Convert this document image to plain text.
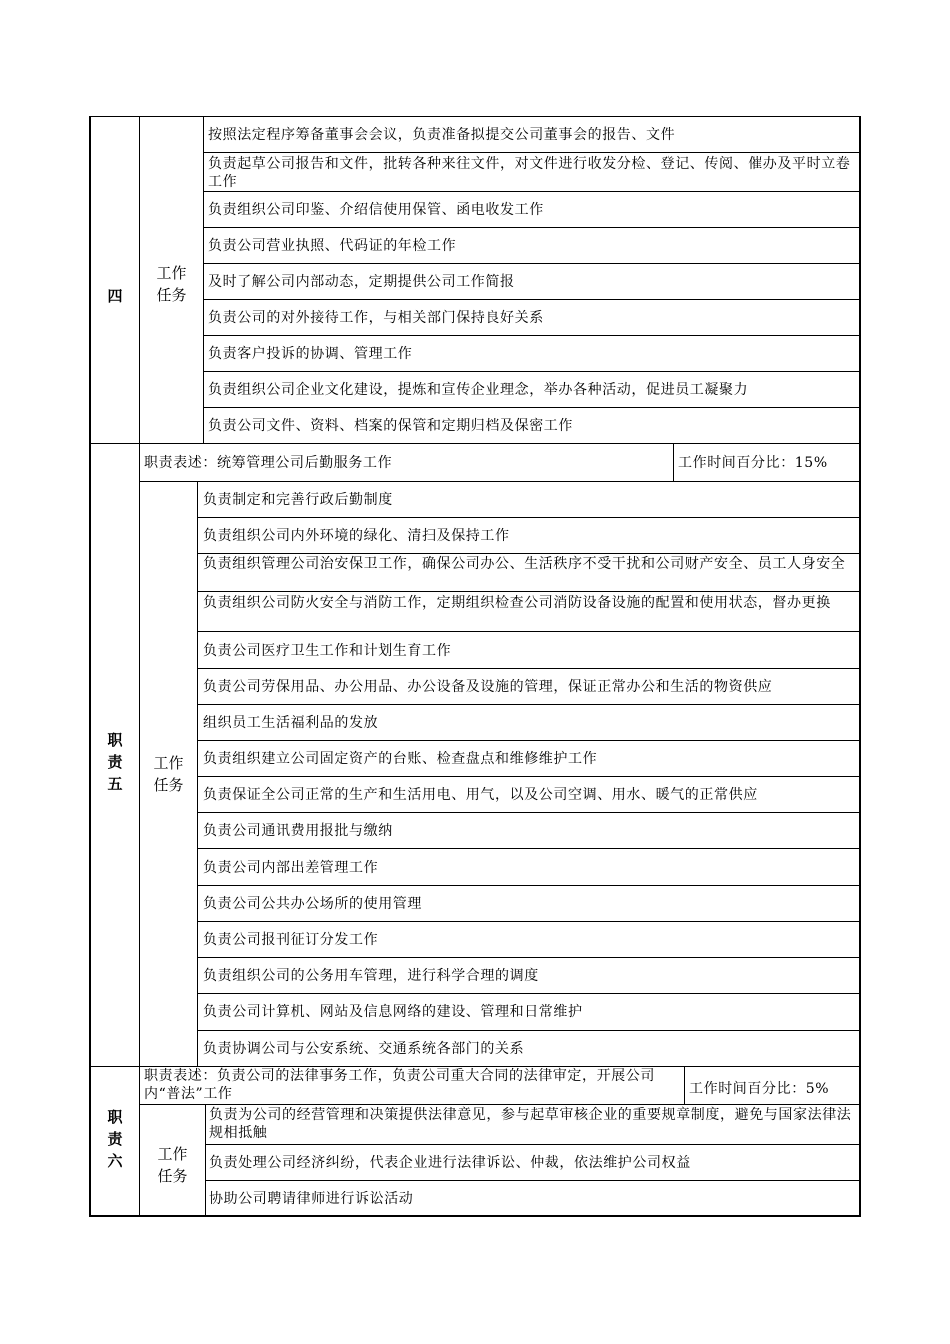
四
工作
任务
按照法定程序筹备董事会会议，负责准备拟提交公司董事会的报告、文件
负责起草公司报告和文件，批转各种来往文件，对文件进行收发分检、登记、传阅、催办及平时立卷工作
负责组织公司印鉴、介绍信使用保管、函电收发工作
负责公司营业执照、代码证的年检工作
及时了解公司内部动态，定期提供公司工作简报
负责公司的对外接待工作，与相关部门保持良好关系
负责客户投诉的协调、管理工作
负责组织公司企业文化建设，提炼和宣传企业理念，举办各种活动，促进员工凝聚力
负责公司文件、资料、档案的保管和定期归档及保密工作
职
责
五
职责表述：统筹管理公司后勤服务工作	工作时间百分比：15%
工作
任务
负责制定和完善行政后勤制度
负责组织公司内外环境的绿化、清扫及保持工作
负责组织管理公司治安保卫工作，确保公司办公、生活秩序不受干扰和公司财产安全、员工人身安全
负责组织公司防火安全与消防工作，定期组织检查公司消防设备设施的配置和使用状态，督办更换
负责公司医疗卫生工作和计划生育工作
负责公司劳保用品、办公用品、办公设备及设施的管理，保证正常办公和生活的物资供应
组织员工生活福利品的发放
负责组织建立公司固定资产的台账、检查盘点和维修维护工作
负责保证全公司正常的生产和生活用电、用气，以及公司空调、用水、暖气的正常供应
负责公司通讯费用报批与缴纳
负责公司内部出差管理工作
负责公司公共办公场所的使用管理
负责公司报刊征订分发工作
负责组织公司的公务用车管理，进行科学合理的调度
负责公司计算机、网站及信息网络的建设、管理和日常维护
负责协调公司与公安系统、交通系统各部门的关系
职
责
六
职责表述：负责公司的法律事务工作，负责公司重大合同的法律审定，开展公司内“普法”工作	工作时间百分比：5%
工作
任务
负责为公司的经营管理和决策提供法律意见，参与起草审核企业的重要规章制度，避免与国家法律法规相抵触
负责处理公司经济纠纷，代表企业进行法律诉讼、仲裁，依法维护公司权益
协助公司聘请律师进行诉讼活动
